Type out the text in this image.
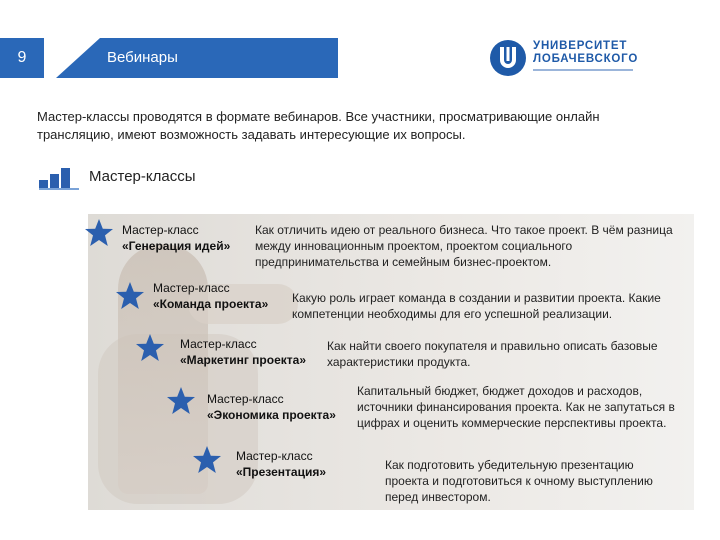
9	Вебинары
УНИВЕРСИТЕТ
ЛОБАЧЕВСКОГО
Мастер-классы проводятся в формате вебинаров. Все участники, просматривающие онлайн трансляцию, имеют возможность задавать интересующие их вопросы.
Мастер-классы
Мастер-класс
«Генерация идей»
Как отличить идею от реального бизнеса. Что такое проект. В чём разница между инновационным проектом, проектом социального предпринимательства и семейным бизнес-проектом.
Мастер-класс
«Команда проекта» Какую роль играет команда в создании и развитии проекта. Какие компетенции необходимы для его успешной реализации.
Мастер-класс
«Маркетинг проекта»
Как найти своего покупателя и правильно описать базовые характеристики продукта.
Мастер-класс
«Экономика проекта»
Капитальный бюджет, бюджет доходов и расходов, источники финансирования проекта. Как не запутаться в цифрах и оценить коммерческие перспективы проекта.
Мастер-класс
«Презентация»	Как подготовить убедительную презентацию проекта и подготовиться к очному выступлению перед инвестором.
